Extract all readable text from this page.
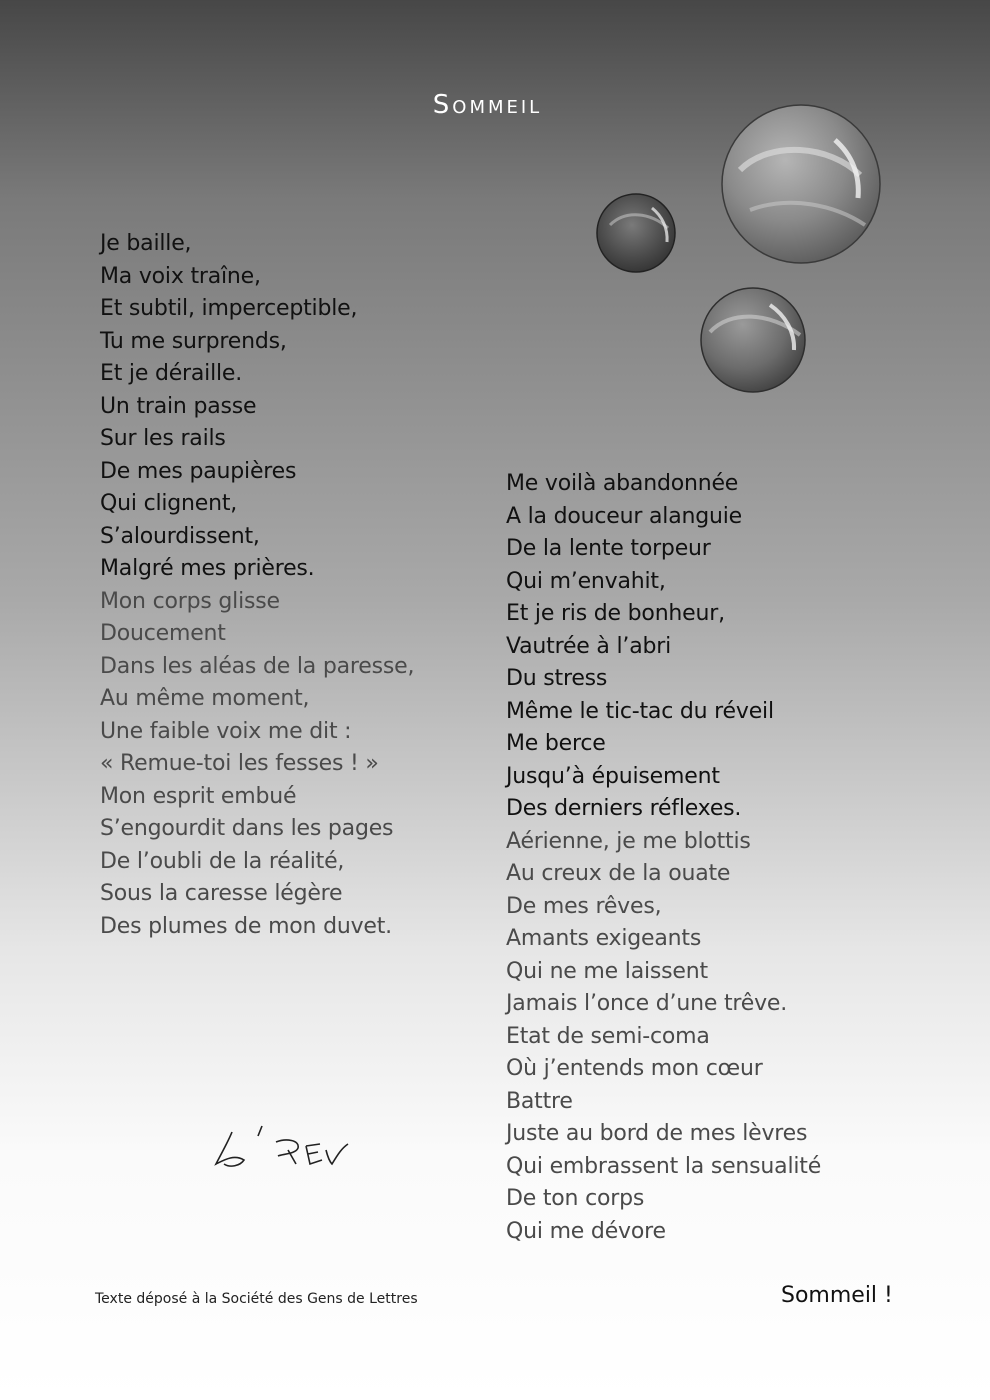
Sommeil
Je baille,
Ma voix traîne,
Et subtil, imperceptible,
Tu me surprends,
Et je déraille.
Un train passe
Sur les rails
De mes paupières
Qui clignent,
S’alourdissent,
Malgré mes prières.
Mon corps glisse
Doucement
Dans les aléas de la paresse,
Au même moment,
Une faible voix me dit :
« Remue-toi les fesses ! »
Mon esprit embué
S’engourdit dans les pages
De l’oubli de la réalité,
Sous la caresse légère
Des plumes de mon duvet.
Me voilà abandonnée
A la douceur alanguie
De la lente torpeur
Qui m’envahit,
Et je ris de bonheur,
Vautrée à l’abri
Du stress
Même le tic-tac du réveil
Me berce
Jusqu’à épuisement
Des derniers réflexes.
Aérienne, je me blottis
Au creux de la ouate
De mes rêves,
Amants exigeants
Qui ne me laissent
Jamais l’once d’une trêve.
Etat de semi-coma
Où j’entends mon cœur
Battre
Juste au bord de mes lèvres
Qui embrassent la sensualité
De ton corps
Qui me dévore
Texte déposé à la Société des Gens de Lettres	Sommeil !
